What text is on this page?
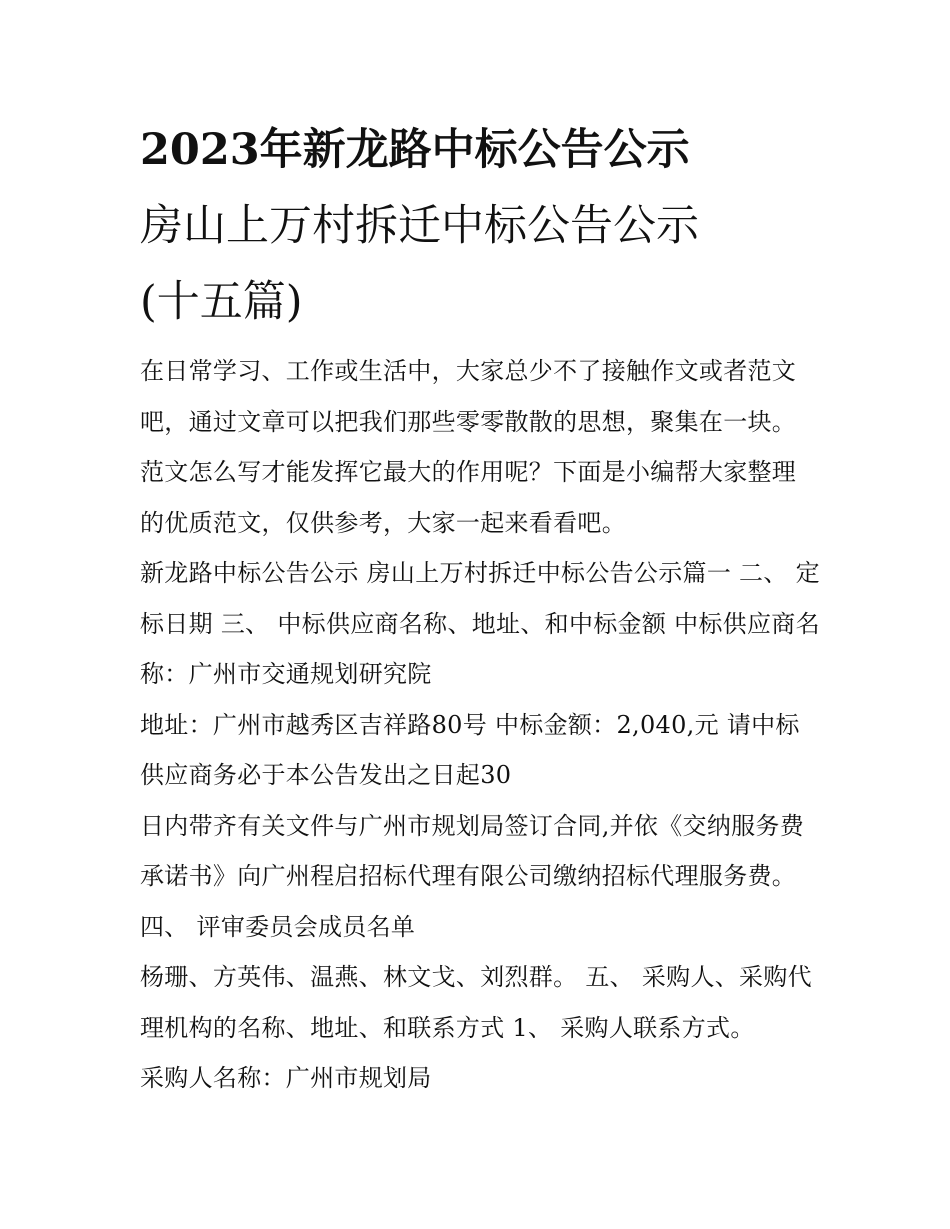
2023年新龙路中标公告公示
房山上万村拆迁中标公告公示
(十五篇)

在日常学习、工作或生活中，大家总少不了接触作文或者范文吧，通过文章可以把我们那些零零散散的思想，聚集在一块。范文怎么写才能发挥它最大的作用呢？下面是小编帮大家整理的优质范文，仅供参考，大家一起来看看吧。

新龙路中标公告公示 房山上万村拆迁中标公告公示篇一 二、 定标日期 三、 中标供应商名称、地址、和中标金额 中标供应商名称：广州市交通规划研究院

地址：广州市越秀区吉祥路80号 中标金额：2,040,元 请中标供应商务必于本公告发出之日起30

日内带齐有关文件与广州市规划局签订合同,并依《交纳服务费承诺书》向广州程启招标代理有限公司缴纳招标代理服务费。 四、 评审委员会成员名单

杨珊、方英伟、温燕、林文戈、刘烈群。 五、 采购人、采购代理机构的名称、地址、和联系方式 1、 采购人联系方式。

采购人名称：广州市规划局
